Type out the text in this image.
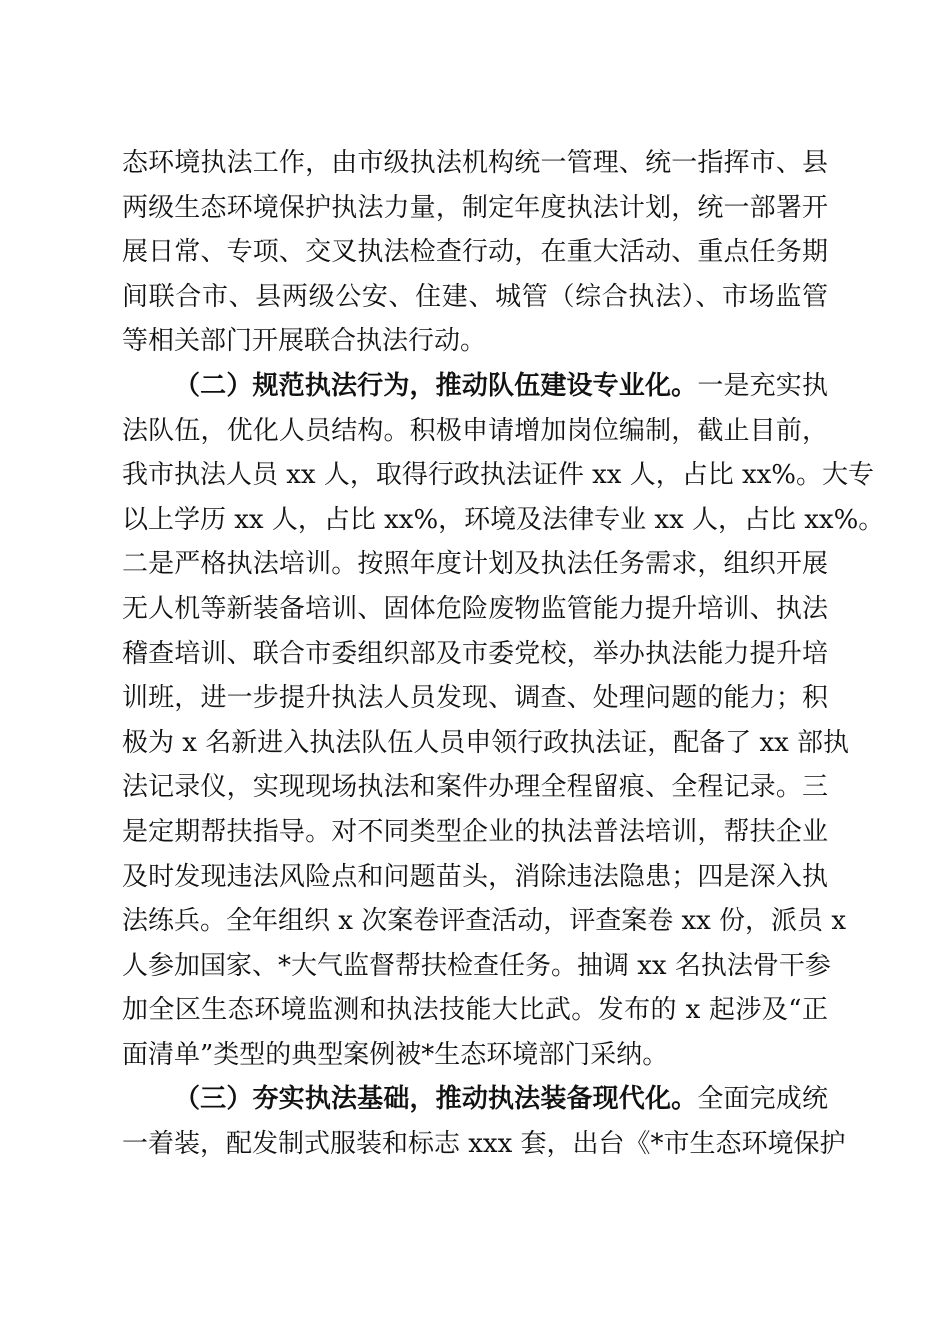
态环境执法工作，由市级执法机构统一管理、统一指挥市、县
两级生态环境保护执法力量，制定年度执法计划，统一部署开
展日常、专项、交叉执法检查行动，在重大活动、重点任务期
间联合市、县两级公安、住建、城管（综合执法）、市场监管
等相关部门开展联合执法行动。
（二）规范执法行为，推动队伍建设专业化。一是充实执
法队伍，优化人员结构。积极申请增加岗位编制，截止目前，
我市执法人员 xx 人，取得行政执法证件 xx 人，占比 xx%。大专
以上学历 xx 人，占比 xx%，环境及法律专业 xx 人，占比 xx%。
二是严格执法培训。按照年度计划及执法任务需求，组织开展
无人机等新装备培训、固体危险废物监管能力提升培训、执法
稽查培训、联合市委组织部及市委党校，举办执法能力提升培
训班，进一步提升执法人员发现、调查、处理问题的能力；积
极为 x 名新进入执法队伍人员申领行政执法证，配备了 xx 部执
法记录仪，实现现场执法和案件办理全程留痕、全程记录。三
是定期帮扶指导。对不同类型企业的执法普法培训，帮扶企业
及时发现违法风险点和问题苗头，消除违法隐患；四是深入执
法练兵。全年组织 x 次案卷评查活动，评查案卷 xx 份，派员 x
人参加国家、*大气监督帮扶检查任务。抽调 xx 名执法骨干参
加全区生态环境监测和执法技能大比武。发布的 x 起涉及“正
面清单”类型的典型案例被*生态环境部门采纳。
（三）夯实执法基础，推动执法装备现代化。全面完成统
一着装，配发制式服装和标志 xxx 套，出台《*市生态环境保护
